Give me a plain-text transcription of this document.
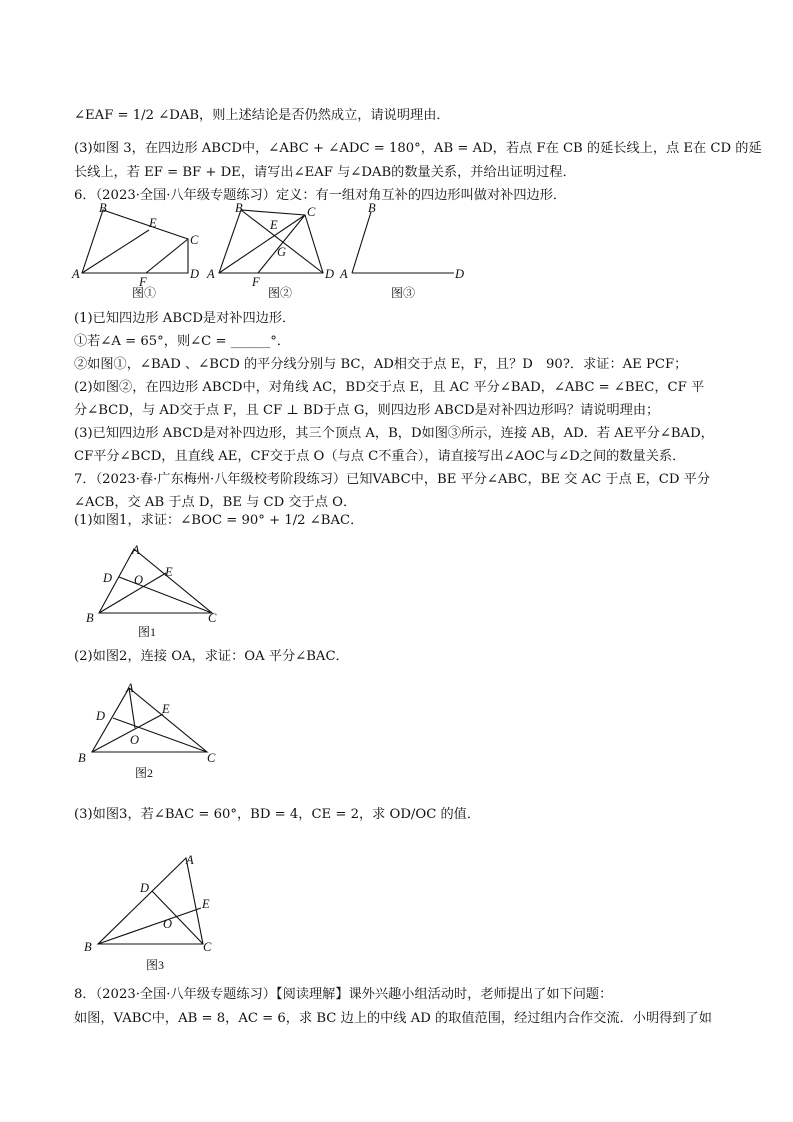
∠EAF = 1/2 ∠DAB，则上述结论是否仍然成立，请说明理由．
(3)如图 3，在四边形 ABCD中，∠ABC + ∠ADC = 180°，AB = AD，若点 F在 CB 的延长线上，点 E在 CD 的延
长线上，若 EF = BF + DE，请写出∠EAF 与∠DAB的数量关系，并给出证明过程．
6．（2023·全国·八年级专题练习）定义：有一组对角互补的四边形叫做对补四边形．
B
E
C
A
F
D
图①
B	C
E
G
A
F
D
图②
B
A	D
图③
(1)已知四边形 ABCD是对补四边形．
①若∠A = 65°，则∠C = ______°．
②如图①，∠BAD 、∠BCD 的平分线分别与 BC，AD相交于点 E，F，且？D　90?．求证：AE PCF；
(2)如图②，在四边形 ABCD中，对角线 AC，BD交于点 E，且 AC 平分∠BAD，∠ABC = ∠BEC，CF 平
分∠BCD，与 AD交于点 F，且 CF ⊥ BD于点 G，则四边形 ABCD是对补四边形吗？请说明理由；
(3)已知四边形 ABCD是对补四边形，其三个顶点 A，B，D如图③所示，连接 AB，AD．若 AE平分∠BAD，
CF平分∠BCD，且直线 AE，CF交于点 O（与点 C不重合），请直接写出∠AOC与∠D之间的数量关系．
7．（2023·春·广东梅州·八年级校考阶段练习）已知VABC中，BE 平分∠ABC，BE 交 AC 于点 E，CD 平分
∠ACB，交 AB 于点 D，BE 与 CD 交于点 O．
(1)如图1，求证：∠BOC = 90° + 1/2 ∠BAC．
A
D	E
O
B	C
图1
(2)如图2，连接 OA，求证：OA 平分∠BAC．
A
D	E
O
B	C
图2
(3)如图3，若∠BAC = 60°，BD = 4，CE = 2，求 OD/OC 的值．
A
D
E
O
B	C
图3
8．（2023·全国·八年级专题练习）【阅读理解】课外兴趣小组活动时，老师提出了如下问题：
如图，VABC中，AB = 8，AC = 6，求 BC 边上的中线 AD 的取值范围，经过组内合作交流．小明得到了如
